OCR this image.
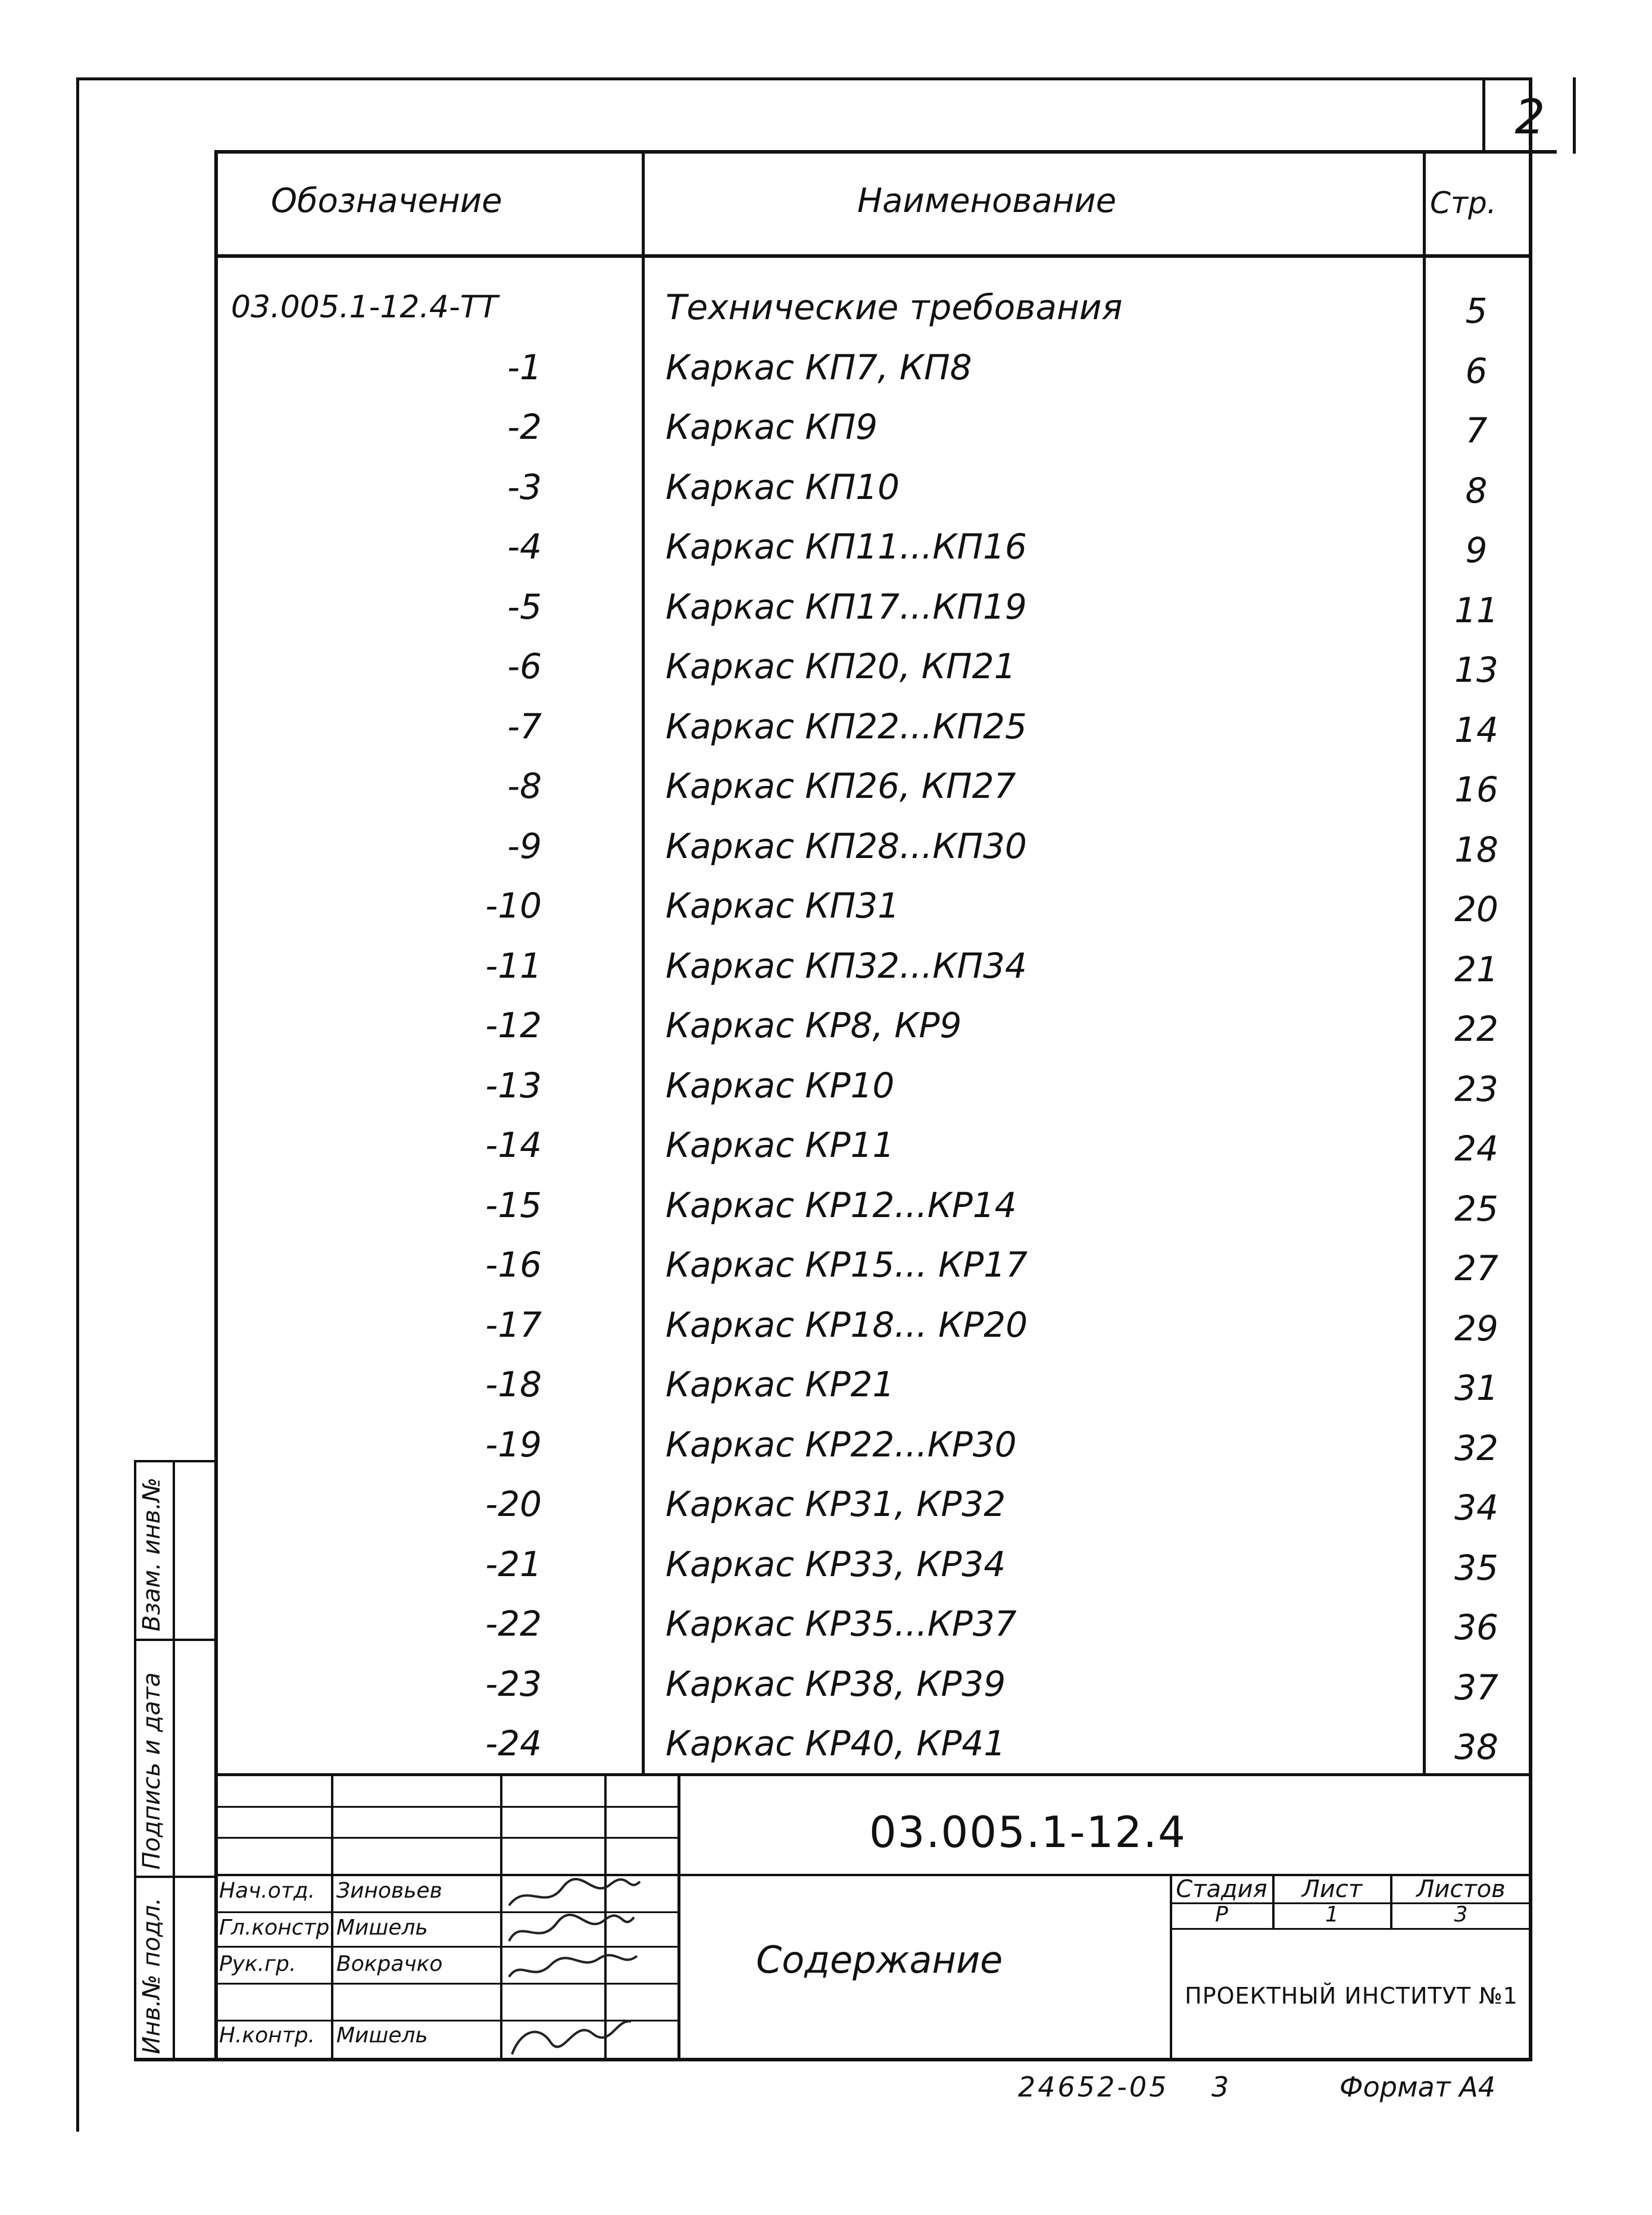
2
Обозначение	Наименование	Стр.
03.005.1-12.4-ТТ	Технические требования	5
-1	Каркас КП7, КП8	6
-2	Каркас КП9	7
-3	Каркас КП10	8
-4	Каркас КП11...КП16	9
-5	Каркас КП17...КП19	11
-6	Каркас КП20, КП21	13
-7	Каркас КП22...КП25	14
-8	Каркас КП26, КП27	16
-9	Каркас КП28...КП30	18
-10	Каркас КП31	20
-11	Каркас КП32...КП34	21
-12	Каркас КР8, КР9	22
-13	Каркас КР10	23
-14	Каркас КР11	24
-15	Каркас КР12...КР14	25
-16	Каркас КР15... КР17	27
-17	Каркас КР18... КР20	29
-18	Каркас КР21	31
-19	Каркас КР22...КР30	32
-20	Каркас КР31, КР32	34
-21	Каркас КР33, КР34	35
-22	Каркас КР35...КР37	36
-23	Каркас КР38, КР39	37
-24	Каркас КР40, КР41	38
Взам. инв.№
Подпись и дата
Инв.№ подл.
Нач.отд. Зиновьев
Гл.констр. Мишель
Рук.гр. Вокрачко
Н.контр. Мишель
03.005.1-12.4
Содержание
Стадия	Лист	Листов
Р	1	3
ПРОЕКТНЫЙ ИНСТИТУТ №1
24652-05 3	Формат А4
